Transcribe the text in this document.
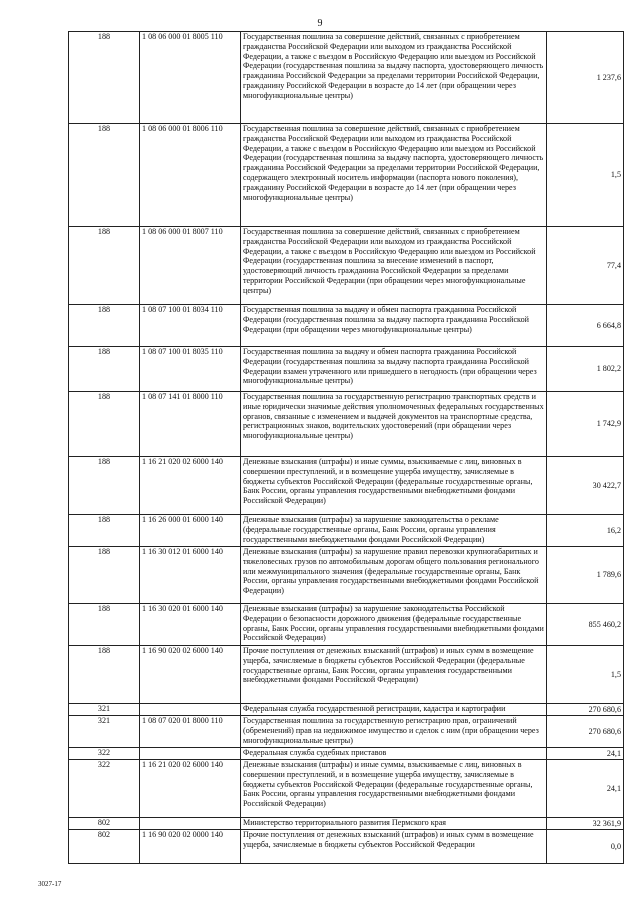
9
188	1 08 06 000 01 8005 110	Государственная пошлина за совершение действий, связанных с приобретением гражданства Российской Федерации или выходом из гражданства Российской Федерации, а также с въездом в Российскую Федерацию или выездом из Российской Федерации (государственная пошлина за выдачу паспорта, удостоверяющего личность гражданина Российской Федерации за пределами территории Российской Федерации, гражданину Российской Федерации в возрасте до 14 лет (при обращении через многофункциональные центры)	1 237,6
188	1 08 06 000 01 8006 110	Государственная пошлина за совершение действий, связанных с приобретением гражданства Российской Федерации или выходом из гражданства Российской Федерации, а также с въездом в Российскую Федерацию или выездом из Российской Федерации (государственная пошлина за выдачу паспорта, удостоверяющего личность гражданина Российской Федерации за пределами территории Российской Федерации, содержащего электронный носитель информации (паспорта нового поколения), гражданину Российской Федерации в возрасте до 14 лет (при обращении через многофункциональные центры)	1,5
188	1 08 06 000 01 8007 110	Государственная пошлина за совершение действий, связанных с приобретением гражданства Российской Федерации или выходом из гражданства Российской Федерации, а также с въездом в Российскую Федерацию или выездом из Российской Федерации (государственная пошлина за внесение изменений в паспорт, удостоверяющий личность гражданина Российской Федерации за пределами территории Российской Федерации (при обращении через многофункциональные центры)	77,4
188	1 08 07 100 01 8034 110	Государственная пошлина за выдачу и обмен паспорта гражданина Российской Федерации (государственная пошлина за выдачу паспорта гражданина Российской Федерации (при обращении через многофункциональные центры)	6 664,8
188	1 08 07 100 01 8035 110	Государственная пошлина за выдачу и обмен паспорта гражданина Российской Федерации (государственная пошлина за выдачу паспорта гражданина Российской Федерации взамен утраченного или пришедшего в негодность (при обращении через многофункциональные центры)	1 802,2
188	1 08 07 141 01 8000 110	Государственная пошлина за государственную регистрацию транспортных средств и иные юридически значимые действия уполномоченных федеральных государственных органов, связанные с изменением и выдачей документов на транспортные средства, регистрационных знаков, водительских удостоверений (при обращении через многофункциональные центры)	1 742,9
188	1 16 21 020 02 6000 140	Денежные взыскания (штрафы) и иные суммы, взыскиваемые с лиц, виновных в совершении преступлений, и в возмещение ущерба имуществу, зачисляемые в бюджеты субъектов Российской Федерации (федеральные государственные органы, Банк России, органы управления государственными внебюджетными фондами Российской Федерации)	30 422,7
188	1 16 26 000 01 6000 140	Денежные взыскания (штрафы) за нарушение законодательства о рекламе (федеральные государственные органы, Банк России, органы управления государственными внебюджетными фондами Российской Федерации)	16,2
188	1 16 30 012 01 6000 140	Денежные взыскания (штрафы) за нарушение правил перевозки крупногабаритных и тяжеловесных грузов по автомобильным дорогам общего пользования регионального или межмуниципального значения (федеральные государственные органы, Банк России, органы управления государственными внебюджетными фондами Российской Федерации)	1 789,6
188	1 16 30 020 01 6000 140	Денежные взыскания (штрафы) за нарушение законодательства Российской Федерации о безопасности дорожного движения (федеральные государственные органы, Банк России, органы управления государственными внебюджетными фондами Российской Федерации)	855 460,2
188	1 16 90 020 02 6000 140	Прочие поступления от денежных взысканий (штрафов) и иных сумм в возмещение ущерба, зачисляемые в бюджеты субъектов Российской Федерации (федеральные государственные органы, Банк России, органы управления государственными внебюджетными фондами Российской Федерации)	1,5
321		Федеральная служба государственной регистрации, кадастра и картографии	270 680,6
321	1 08 07 020 01 8000 110	Государственная пошлина за государственную регистрацию прав, ограничений (обременений) прав на недвижимое имущество и сделок с ним (при обращении через многофункциональные центры)	270 680,6
322		Федеральная служба судебных приставов	24,1
322	1 16 21 020 02 6000 140	Денежные взыскания (штрафы) и иные суммы, взыскиваемые с лиц, виновных в совершении преступлений, и в возмещение ущерба имуществу, зачисляемые в бюджеты субъектов Российской Федерации (федеральные государственные органы, Банк России, органы управления государственными внебюджетными фондами Российской Федерации)	24,1
802		Министерство территориального развития Пермского края	32 361,9
802	1 16 90 020 02 0000 140	Прочие поступления от денежных взысканий (штрафов) и иных сумм в возмещение ущерба, зачисляемые в бюджеты субъектов Российской Федерации	0,0
3027-17
